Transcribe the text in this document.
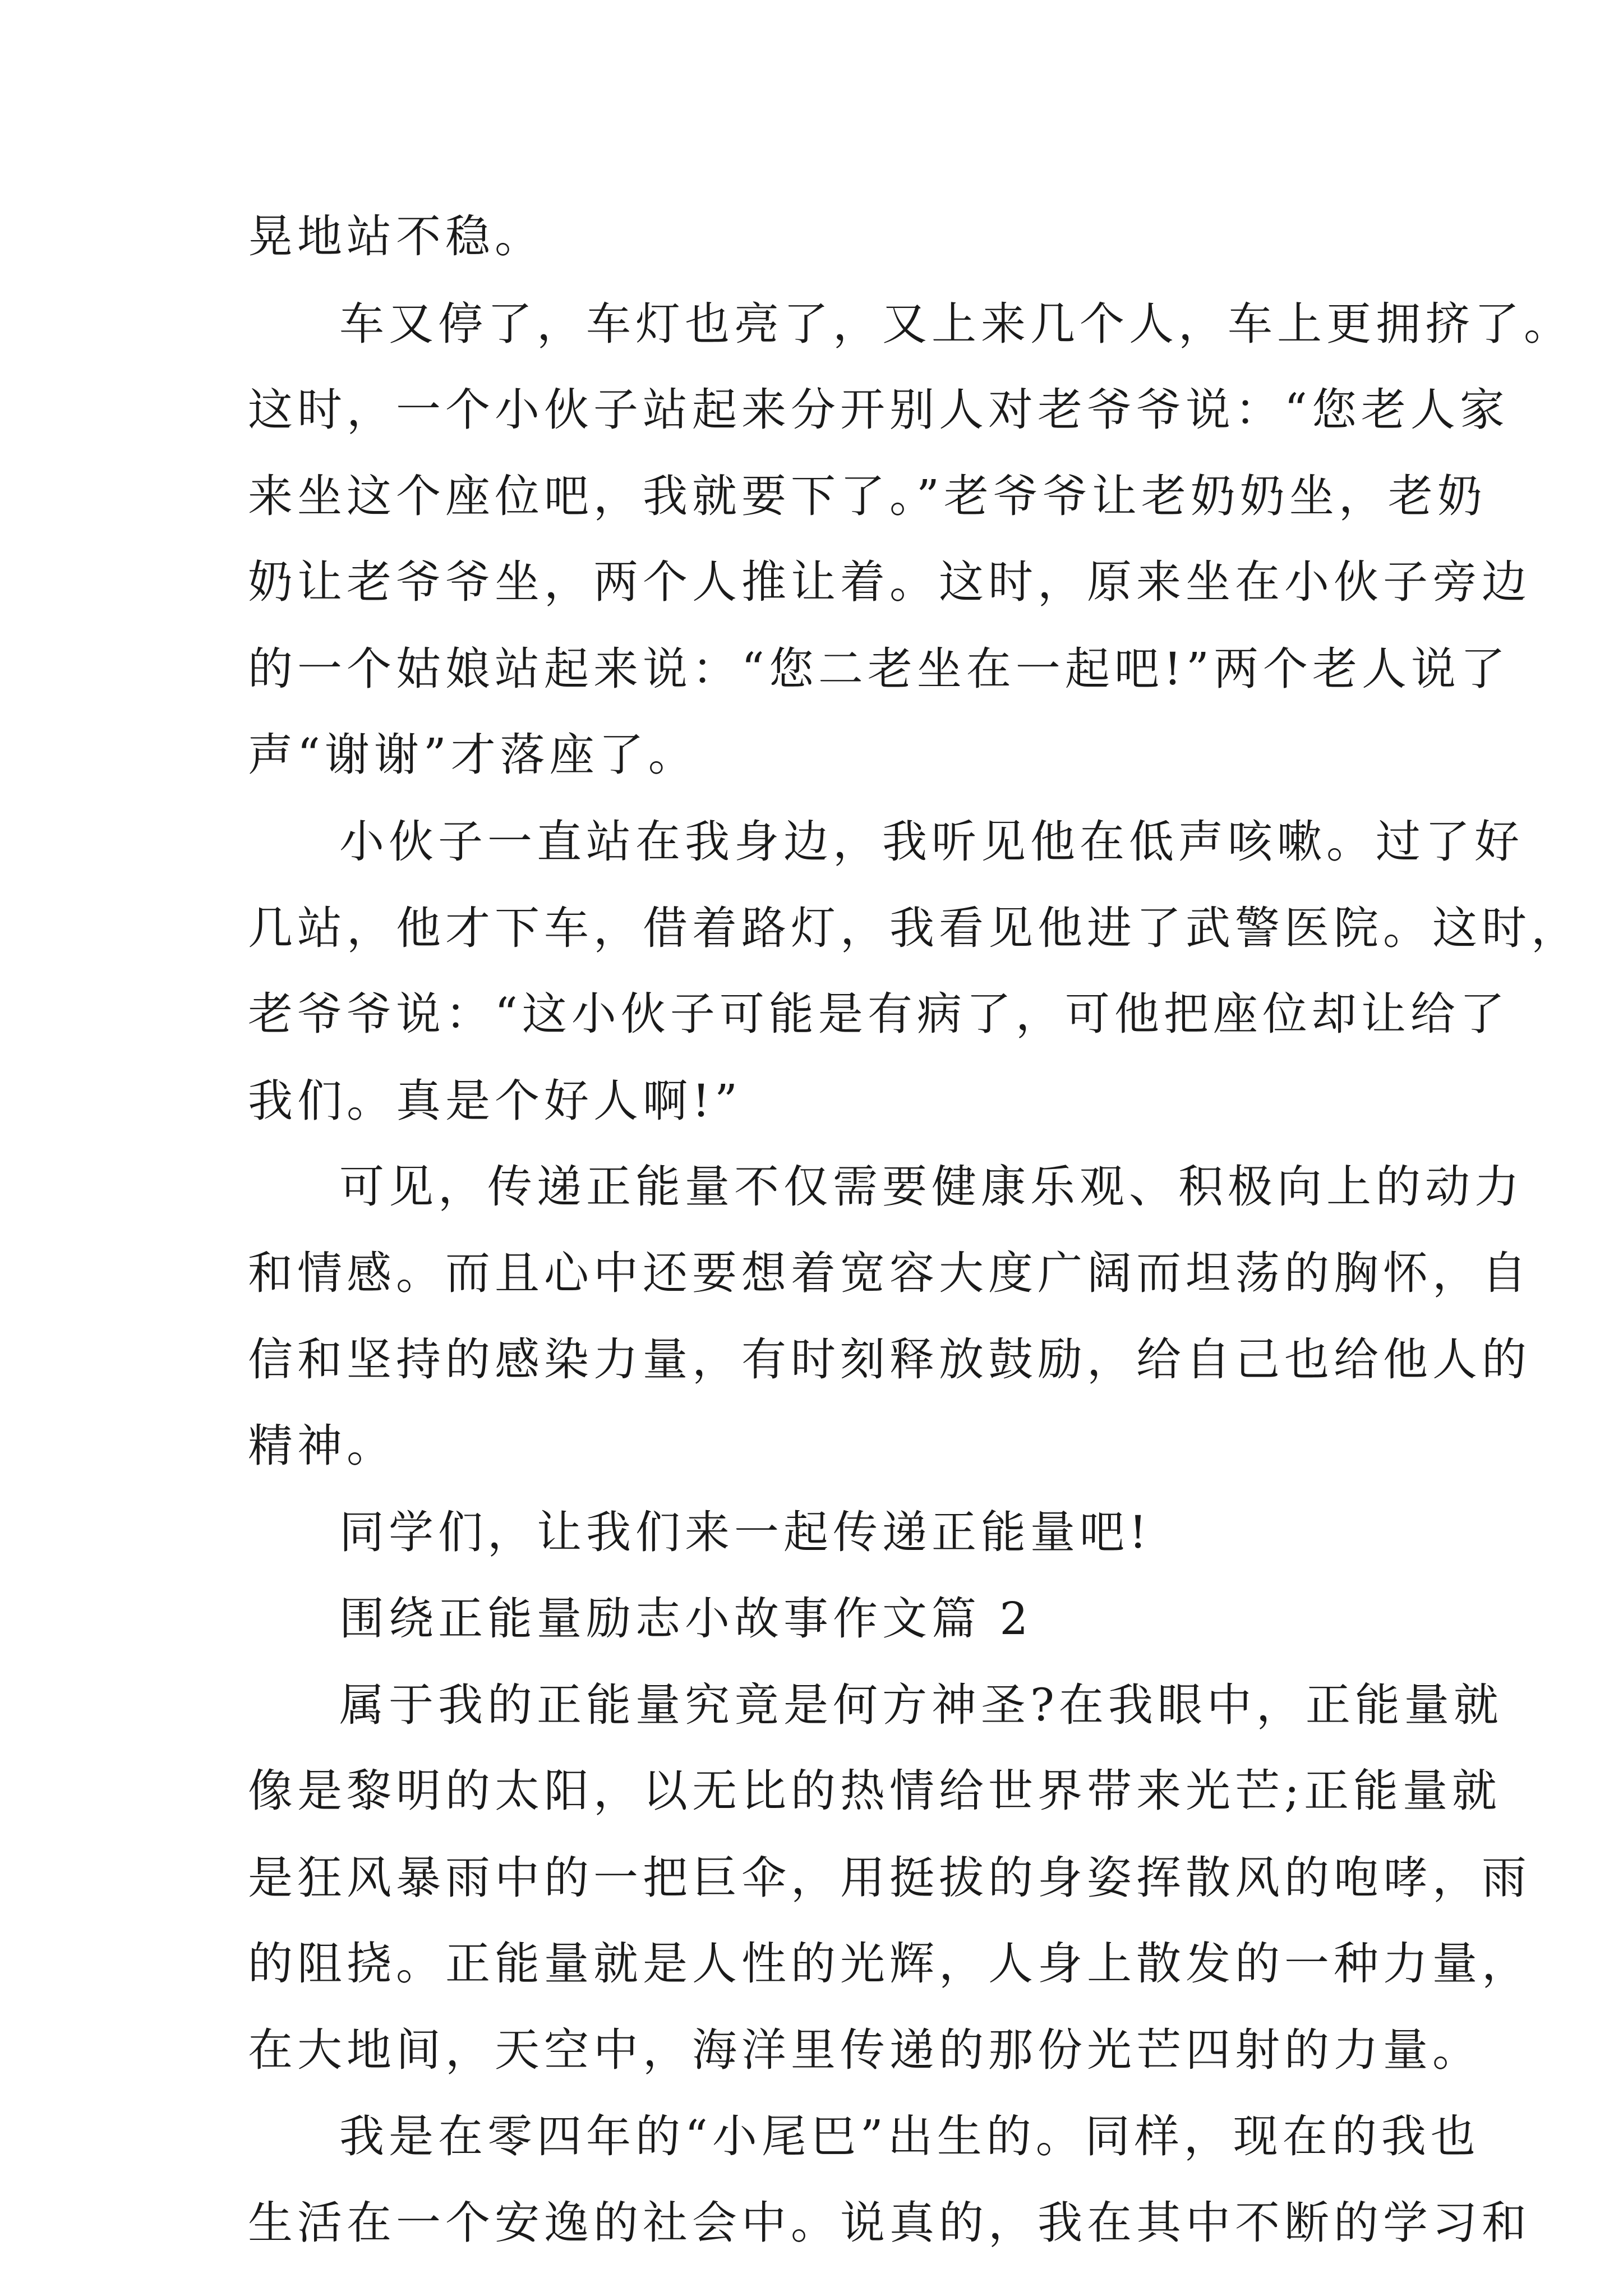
晃地站不稳。
车又停了，车灯也亮了，又上来几个人，车上更拥挤了。
这时，一个小伙子站起来分开别人对老爷爷说：“您老人家
来坐这个座位吧，我就要下了。”老爷爷让老奶奶坐，老奶
奶让老爷爷坐，两个人推让着。这时，原来坐在小伙子旁边
的一个姑娘站起来说：“您二老坐在一起吧!”两个老人说了
声“谢谢”才落座了。
小伙子一直站在我身边，我听见他在低声咳嗽。过了好
几站，他才下车，借着路灯，我看见他进了武警医院。这时，
老爷爷说：“这小伙子可能是有病了，可他把座位却让给了
我们。真是个好人啊!”
可见，传递正能量不仅需要健康乐观、积极向上的动力
和情感。而且心中还要想着宽容大度广阔而坦荡的胸怀，自
信和坚持的感染力量，有时刻释放鼓励，给自己也给他人的
精神。
同学们，让我们来一起传递正能量吧!
围绕正能量励志小故事作文篇 2
属于我的正能量究竟是何方神圣?在我眼中，正能量就
像是黎明的太阳，以无比的热情给世界带来光芒;正能量就
是狂风暴雨中的一把巨伞，用挺拔的身姿挥散风的咆哮，雨
的阻挠。正能量就是人性的光辉，人身上散发的一种力量，
在大地间，天空中，海洋里传递的那份光芒四射的力量。
我是在零四年的“小尾巴”出生的。同样，现在的我也
生活在一个安逸的社会中。说真的，我在其中不断的学习和
